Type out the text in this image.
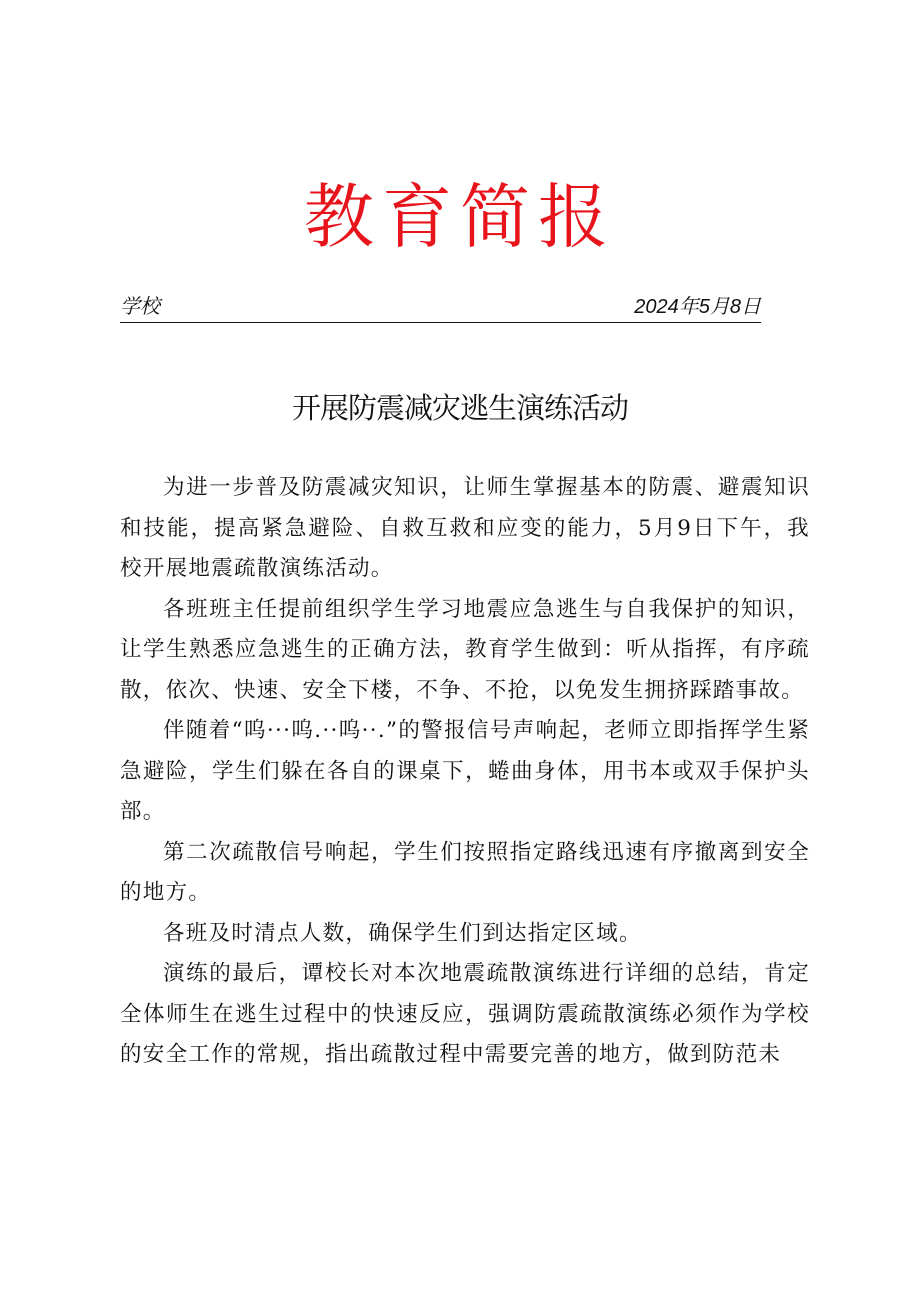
教育简报
学校	2024年5月8日
开展防震减灾逃生演练活动

为进一步普及防震减灾知识，让师生掌握基本的防震、避震知识和技能，提高紧急避险、自救互救和应变的能力，5月9日下午，我校开展地震疏散演练活动。

各班班主任提前组织学生学习地震应急逃生与自我保护的知识，让学生熟悉应急逃生的正确方法，教育学生做到：听从指挥，有序疏散，依次、快速、安全下楼，不争、不抢，以免发生拥挤踩踏事故。

伴随着“呜···呜.··呜··.”的警报信号声响起，老师立即指挥学生紧急避险，学生们躲在各自的课桌下，蜷曲身体，用书本或双手保护头部。

第二次疏散信号响起，学生们按照指定路线迅速有序撤离到安全的地方。

各班及时清点人数，确保学生们到达指定区域。

演练的最后，谭校长对本次地震疏散演练进行详细的总结，肯定全体师生在逃生过程中的快速反应，强调防震疏散演练必须作为学校的安全工作的常规，指出疏散过程中需要完善的地方，做到防范未
